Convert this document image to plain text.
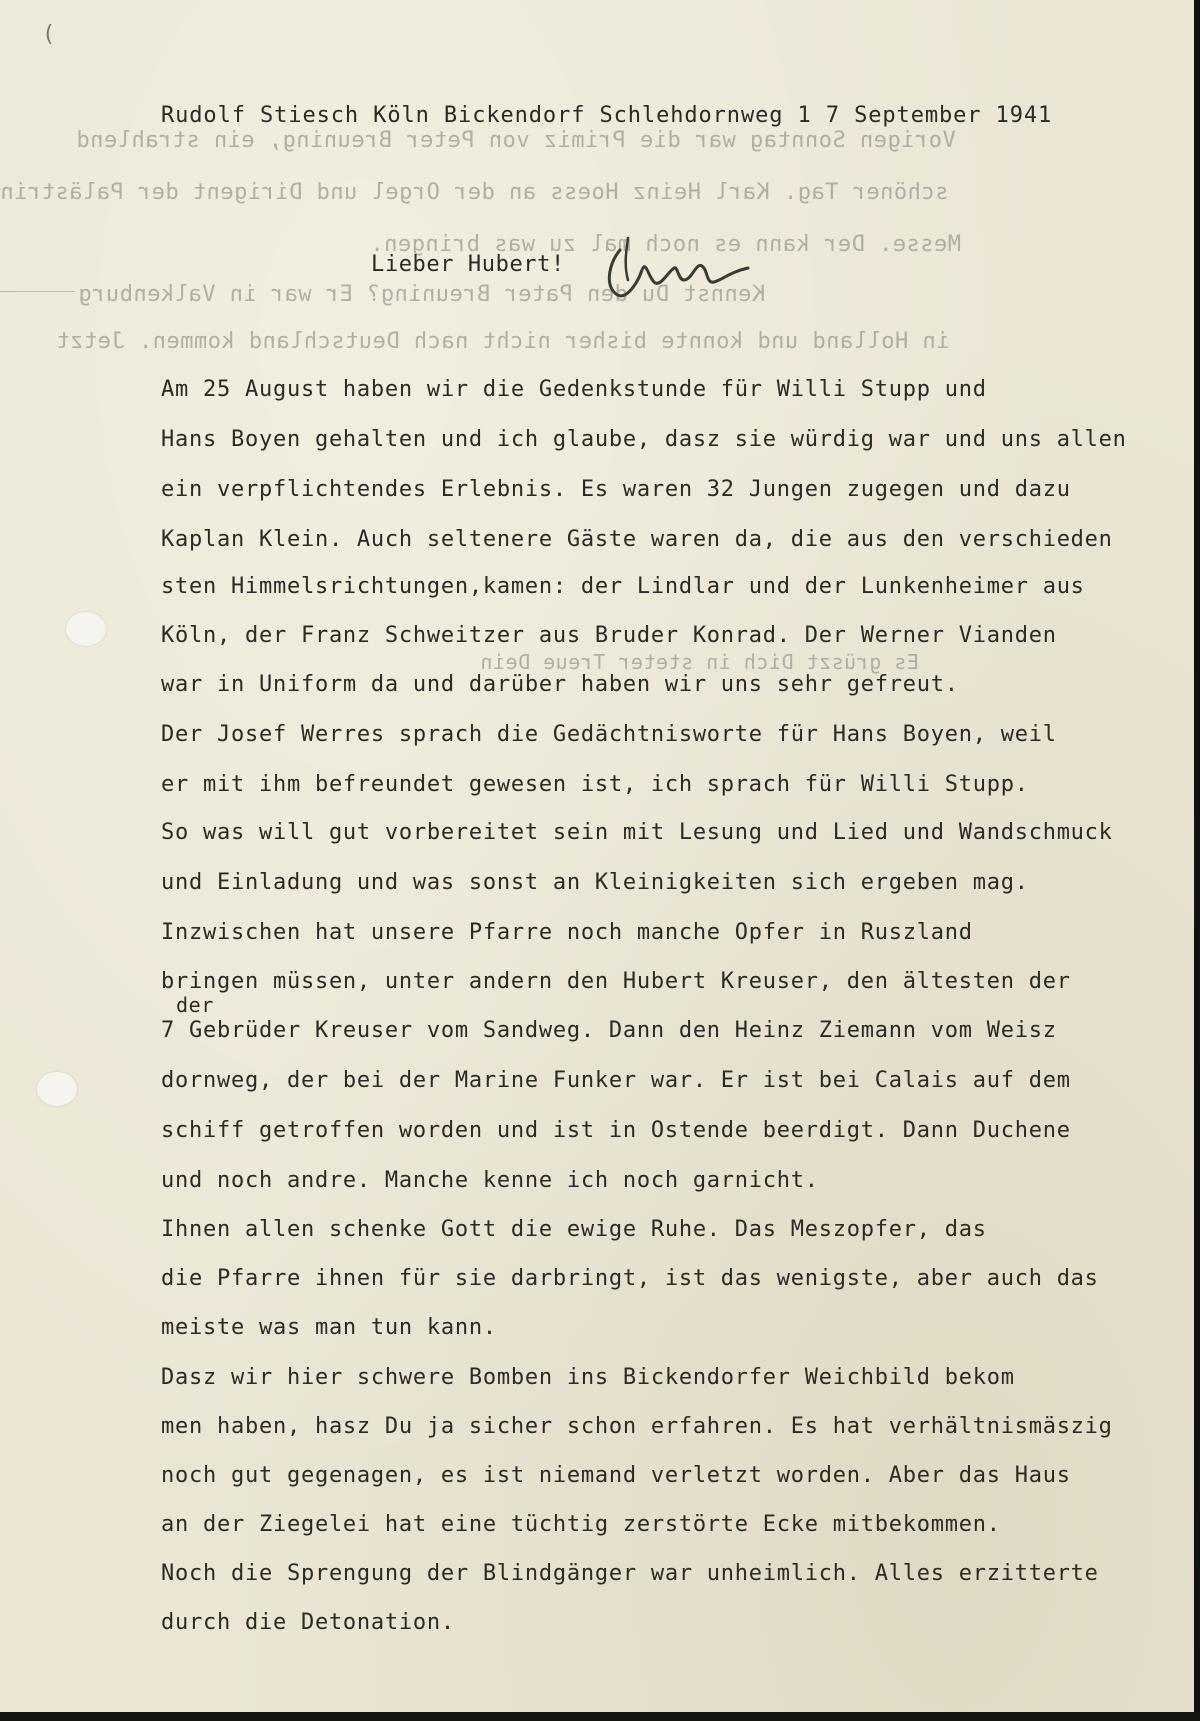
Vorigen Sonntag war die Primiz von Peter Breuning, ein strahlend
schöner Tag. Karl Heinz Hoess an der Orgel und Dirigent der Palästrin
Messe. Der kann es noch mal zu was bringen.
Kennst Du den Pater Breuning? Er war in Valkenburg
in Holland und konnte bisher nicht nach Deutschland kommen. Jetzt
Es grüszt Dich in steter Treue Dein
(
Rudolf Stiesch Köln Bickendorf Schlehdornweg 1 7 September 1941
Lieber Hubert!
Am 25 August haben wir die Gedenkstunde für Willi Stupp und
Hans Boyen gehalten und ich glaube, dasz sie würdig war und uns allen
ein verpflichtendes Erlebnis. Es waren 32 Jungen zugegen und dazu
Kaplan Klein. Auch seltenere Gäste waren da, die aus den verschieden
sten Himmelsrichtungen,kamen: der Lindlar und der Lunkenheimer aus
Köln, der Franz Schweitzer aus Bruder Konrad. Der Werner Vianden
war in Uniform da und darüber haben wir uns sehr gefreut.
Der Josef Werres sprach die Gedächtnisworte für Hans Boyen, weil
er mit ihm befreundet gewesen ist, ich sprach für Willi Stupp.
So was will gut vorbereitet sein mit Lesung und Lied und Wandschmuck
und Einladung und was sonst an Kleinigkeiten sich ergeben mag.
Inzwischen hat unsere Pfarre noch manche Opfer in Ruszland
bringen müssen, unter andern den Hubert Kreuser, den ältesten der
der
7 Gebrüder Kreuser vom Sandweg. Dann den Heinz Ziemann vom Weisz
dornweg, der bei der Marine Funker war. Er ist bei Calais auf dem
schiff getroffen worden und ist in Ostende beerdigt. Dann Duchene
und noch andre. Manche kenne ich noch garnicht.
Ihnen allen schenke Gott die ewige Ruhe. Das Meszopfer, das
die Pfarre ihnen für sie darbringt, ist das wenigste, aber auch das
meiste was man tun kann.
Dasz wir hier schwere Bomben ins Bickendorfer Weichbild bekom
men haben, hasz Du ja sicher schon erfahren. Es hat verhältnismäszig
noch gut gegenagen, es ist niemand verletzt worden. Aber das Haus
an der Ziegelei hat eine tüchtig zerstörte Ecke mitbekommen.
Noch die Sprengung der Blindgänger war unheimlich. Alles erzitterte
durch die Detonation.
